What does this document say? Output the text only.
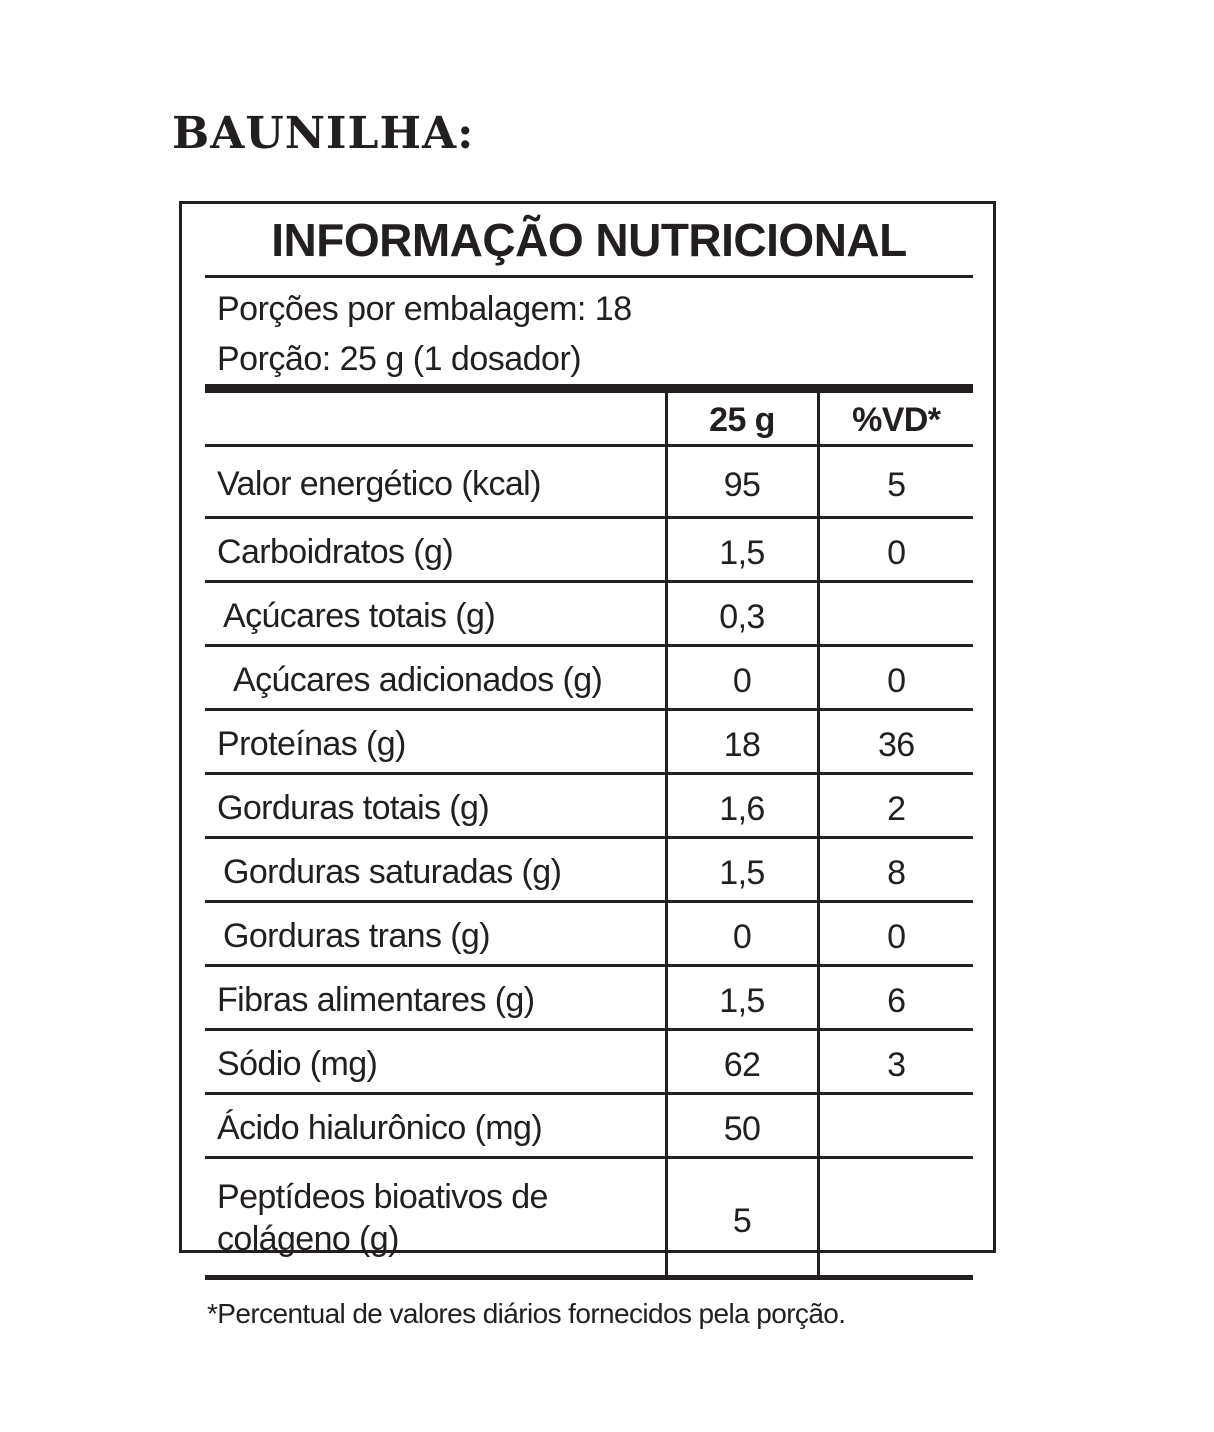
BAUNILHA:
INFORMAÇÃO NUTRICIONAL
Porções por embalagem: 18
Porção: 25 g (1 dosador)
	25 g	%VD*
Valor energético (kcal)	95	5
Carboidratos (g)	1,5	0
Açúcares totais (g)	0,3	
Açúcares adicionados (g)	0	0
Proteínas (g)	18	36
Gorduras totais (g)	1,6	2
Gorduras saturadas (g)	1,5	8
Gorduras trans (g)	0	0
Fibras alimentares (g)	1,5	6
Sódio (mg)	62	3
Ácido hialurônico (mg)	50	
Peptídeos bioativos de colágeno (g)	5	
*Percentual de valores diários fornecidos pela porção.
